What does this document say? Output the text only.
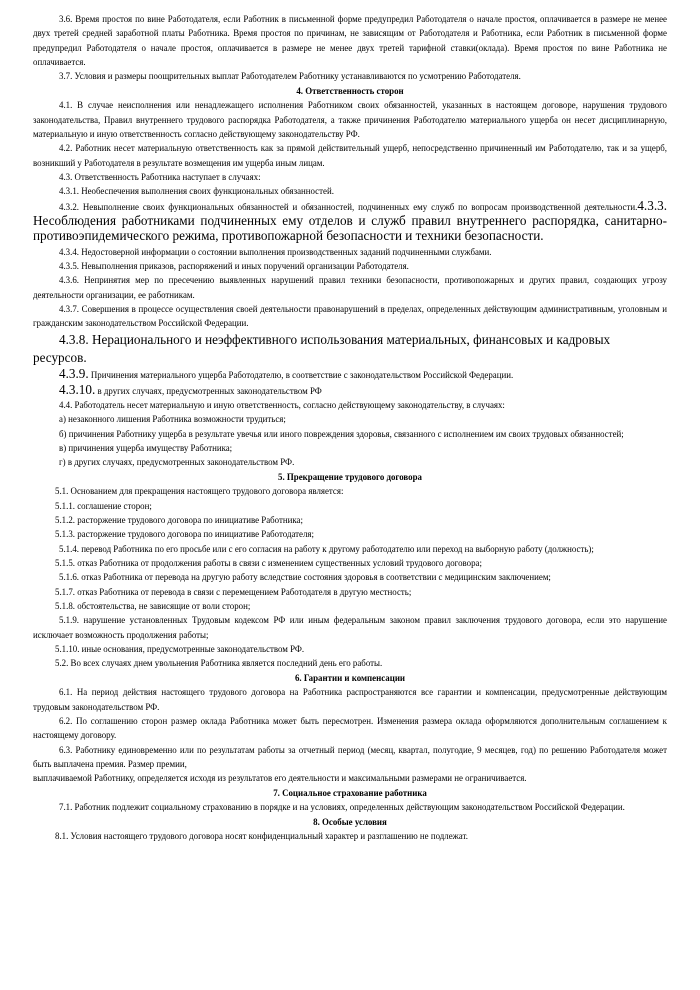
3.6. Время простоя по вине Работодателя, если Работник в письменной форме предупредил Работодателя о начале простоя, оплачивается в размере не менее двух третей средней заработной платы Работника. Время простоя по причинам, не зависящим от Работодателя и Работника, если Работник в письменной форме предупредил Работодателя о начале простоя, оплачивается в размере не менее двух третей тарифной ставки(оклада). Время простоя по вине Работника не оплачивается.

3.7. Условия и размеры поощрительных выплат Работодателем Работнику устанавливаются по усмотрению Работодателя.

4. Ответственность сторон

4.1. В случае неисполнения или ненадлежащего исполнения Работником своих обязанностей, указанных в настоящем договоре, нарушения трудового законодательства, Правил внутреннего трудового распорядка Работодателя, а также причинения Работодателю материального ущерба он несет дисциплинарную, материальную и иную ответственность согласно действующему законодательству РФ.

4.2. Работник несет материальную ответственность как за прямой действительный ущерб, непосредственно причиненный им Работодателю, так и за ущерб, возникший у Работодателя в результате возмещения им ущерба иным лицам.

4.3. Ответственность Работника наступает в случаях:

4.3.1. Необеспечения выполнения своих функциональных обязанностей.

4.3.2. Невыполнение своих функциональных обязанностей и обязанностей, подчиненных ему служб по вопросам производственной деятельности.4.3.3. Несоблюдения работниками подчиненных ему отделов и служб правил внутреннего распорядка, санитарно-противоэпидемического режима, противопожарной безопасности и техники безопасности.

4.3.4. Недостоверной информации о состоянии выполнения производственных заданий подчиненными службами.

4.3.5. Невыполнения приказов, распоряжений и иных поручений организации Работодателя.

4.3.6. Непринятия мер по пресечению выявленных нарушений правил техники безопасности, противопожарных и других правил, создающих угрозу деятельности организации, ее работникам.

4.3.7. Совершения в процессе осуществления своей деятельности правонарушений в пределах, определенных действующим административным, уголовным и гражданским законодательством Российской Федерации.

4.3.8. Нерационального и неэффективного использования материальных, финансовых и кадровых ресурсов.

4.3.9. Причинения материального ущерба Работодателю, в соответствие с законодательством Российской Федерации.

4.3.10. в других случаях, предусмотренных законодательством РФ

4.4. Работодатель несет материальную и иную ответственность, согласно действующему законодательству, в случаях:

а) незаконного лишения Работника возможности трудиться;

б) причинения Работнику ущерба в результате увечья или иного повреждения здоровья, связанного с исполнением им своих трудовых обязанностей;

в) причинения ущерба имуществу Работника;

г) в других случаях, предусмотренных законодательством РФ.

5. Прекращение трудового договора

5.1. Основанием для прекращения настоящего трудового договора является:

5.1.1. соглашение сторон;

5.1.2. расторжение трудового договора по инициативе Работника;

5.1.3. расторжение трудового договора по инициативе Работодателя;

5.1.4. перевод Работника по его просьбе или с его согласия на работу к другому работодателю или переход на выборную работу (должность);

5.1.5. отказ Работника от продолжения работы в связи с изменением существенных условий трудового договора;

5.1.6. отказ Работника от перевода на другую работу вследствие состояния здоровья в соответствии с медицинским заключением;

5.1.7. отказ Работника от перевода в связи с перемещением Работодателя в другую местность;

5.1.8. обстоятельства, не зависящие от воли сторон;

5.1.9. нарушение установленных Трудовым кодексом РФ или иным федеральным законом правил заключения трудового договора, если это нарушение исключает возможность продолжения работы;

5.1.10. иные основания, предусмотренные законодательством РФ.

5.2. Во всех случаях днем увольнения Работника является последний день его работы.

6. Гарантии и компенсации

6.1. На период действия настоящего трудового договора на Работника распространяются все гарантии и компенсации, предусмотренные действующим трудовым законодательством РФ.

6.2. По соглашению сторон размер оклада Работника может быть пересмотрен. Изменения размера оклада оформляются дополнительным соглашением к настоящему договору.

6.3. Работнику единовременно или по результатам работы за отчетный период (месяц, квартал, полугодие, 9 месяцев, год) по решению Работодателя может быть выплачена премия. Размер премии,

выплачиваемой Работнику, определяется исходя из результатов его деятельности и максимальными размерами не ограничивается.

7. Социальное страхование работника

7.1. Работник подлежит социальному страхованию в порядке и на условиях, определенных действующим законодательством Российской Федерации.

8. Особые условия

8.1. Условия настоящего трудового договора носят конфиденциальный характер и разглашению не подлежат.
